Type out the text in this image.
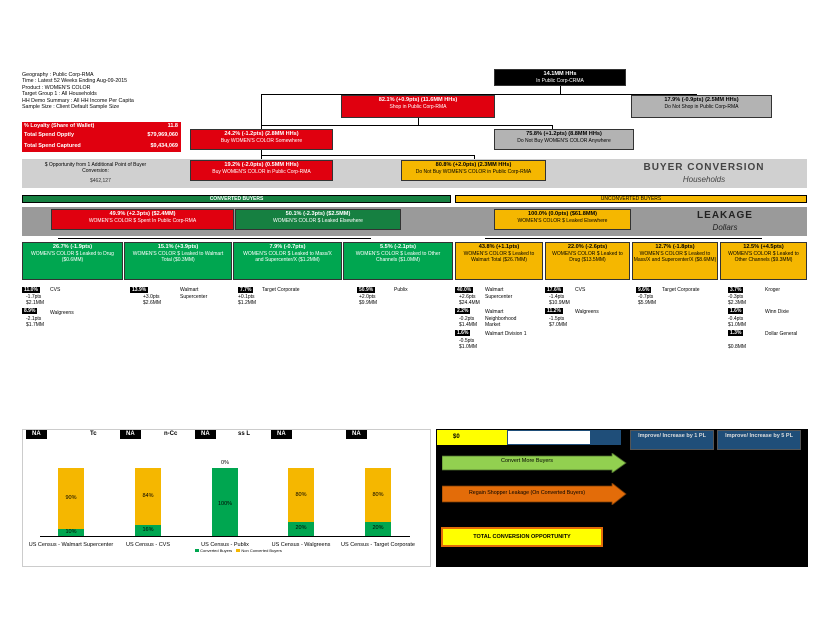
Geography : Public Corp-RMA
Time : Latest 52 Weeks Ending Aug-09-2015
Product : WOMEN'S COLOR
Target Group 1 : All Households
HH Demo Summary : All HH Income Per Capita
Sample Size : Client Default Sample Size
% Loyalty (Share of Wallet)	11.8
Total Spend Opptly	$79,969,060
Total Spend Captured	$9,434,069
14.1MM HHs
In Public Corp-CRMA
82.1% (+0.9pts) (11.6MM HHs)
Shop in Public Corp-RMA
17.9% (-0.9pts) (2.5MM HHs)
Do Not Shop in Public Corp-RMA
24.2% (-1.2pts) (2.8MM HHs)
Buy WOMEN'S COLOR Somewhere
75.8% (+1.2pts) (8.8MM HHs)
Do Not Buy WOMEN'S COLOR Anywhere
$ Opportunity from 1 Additional Point of Buyer
Conversion:
$462,127
19.2% (-2.0pts) (0.5MM HHs)
Buy WOMEN'S COLOR in Public Corp-RMA
80.8% (+2.0pts) (2.3MM HHs)
Do Not Buy WOMEN'S COLOR in Public Corp-RMA	BUYER CONVERSION
Households
CONVERTED BUYERS	UNCONVERTED BUYERS
49.9% (+2.3pts) ($2.4MM)
WOMEN'S COLOR $ Spent In Public Corp-RMA
50.1% (-2.3pts) ($2.5MM)
WOMEN'S COLOR $ Leaked Elsewhere
100.0% (0.0pts) ($61.8MM)
WOMEN'S COLOR $ Leaked Elsewhere	LEAKAGE
Dollars
26.7% (-1.9pts)
WOMEN'S COLOR $ Leaked to Drug
($0.6MM)
15.1% (+3.9pts)
WOMEN'S COLOR $ Leaked to Walmart
Total ($0.3MM)
7.9% (-0.7pts)
WOMEN'S COLOR $ Leaked to Mass/X
and Supercenter/X ($1.2MM)
5.5% (-2.1pts)
WOMEN'S COLOR $ Leaked to Other
Channels ($1.0MM)
43.8% (+1.1pts)
WOMEN'S COLOR $ Leaked to
Walmart Total ($26.7MM)
22.0% (-2.6pts)
WOMEN'S COLOR $ Leaked to
Drug ($13.5MM)
12.7% (-1.8pts)
WOMEN'S COLOR $ Leaked to
Mass/X and Supercenter/X ($8.6MM)
12.5% (+4.5pts)
WOMEN'S COLOR $ Leaked to
Other Channels ($9.3MM)
11.0%	CVS
-1.7pts
$2.1MM
8.9%	Walgreens
-2.1pts
$1.7MM
13.9%	Walmart
Supercenter
+3.0pts
$2.6MM
7.7%	Target Corporate
+0.1pts
$1.2MM
50.9%	Publix
+2.0pts
$9.9MM
40.0%	Walmart
Supercenter
+2.6pts
$24.4MM
2.2%	Walmart
Neighborhood
Market
-0.2pts
$1.4MM
1.6%	Walmart Division 1
-0.5pts
$1.0MM
17.6%	CVS
-1.4pts
$10.9MM
11.2%	Walgreens
-1.5pts
$7.0MM
9.6%	Target Corporate
-0.7pts
$5.9MM
3.7%	Kroger
-0.3pts
$2.3MM
1.6%	Winn Dixie
-0.4pts
$1.0MM
1.3%	Dollar General
$0.8MM
NA	Tc	NA	n-Cc	NA	ss L	NA	NA
90%
10%
US Census - Walmart Supercenter
84%
16%
US Census - CVS
100%
0%
US Census - Publix
80%
20%
US Census - Walgreens
80%
20%
US Census - Target Corporate
Converted Buyers Non Converted Buyers
$0	Improve/ Increase by 1 PL	Improve/ Increase by 5 PL
Convert More Buyers
Regain Shopper Leakage (On Converted Buyers)
TOTAL CONVERSION OPPORTUNITY
